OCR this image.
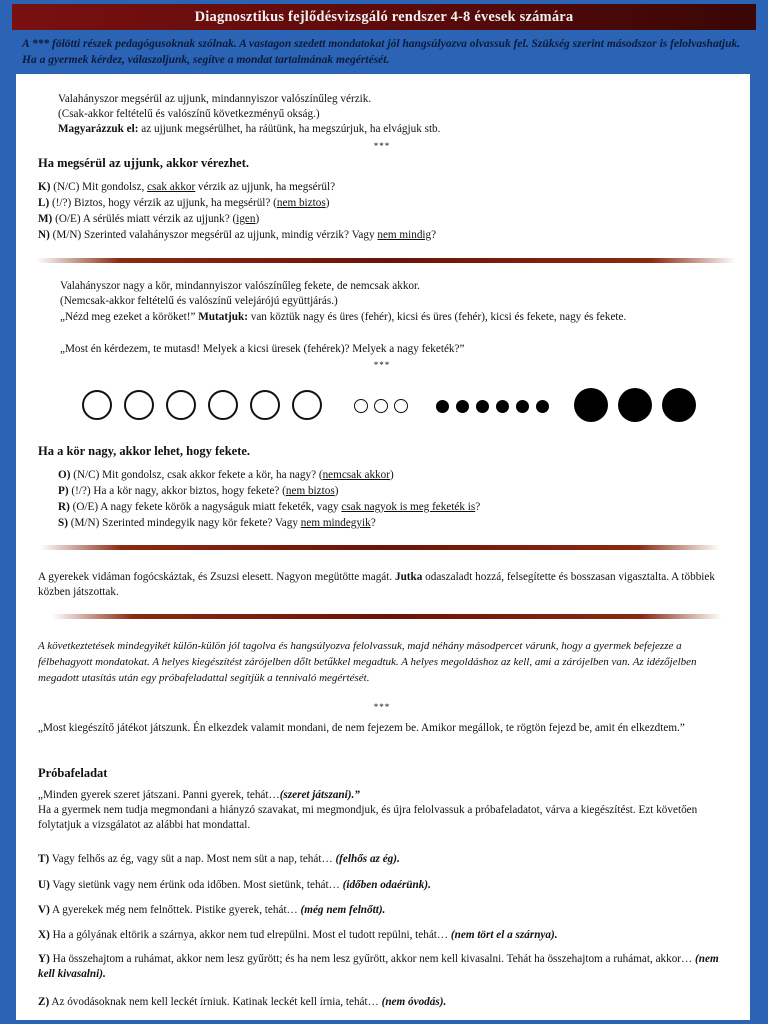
Diagnosztikus fejlődésvizsgáló rendszer 4-8 évesek számára
A *** fölötti részek pedagógusoknak szólnak. A vastagon szedett mondatokat jól hangsúlyozva olvassuk fel. Szükség szerint másodszor is felolvashatjuk. Ha a gyermek kérdez, válaszoljunk, segítve a mondat tartalmának megértését.
Valahányszor megsérül az ujjunk, mindannyiszor valószínűleg vérzik.
(Csak-akkor feltételű és valószínű következményű okság.)
Magyarázzuk el: az ujjunk megsérülhet, ha ráütünk, ha megszúrjuk, ha elvágjuk stb.
***
Ha megsérül az ujjunk, akkor vérezhet.
K) (N/C) Mit gondolsz, csak akkor vérzik az ujjunk, ha megsérül?
L) (!/?) Biztos, hogy vérzik az ujjunk, ha megsérül? (nem biztos)
M) (O/E) A sérülés miatt vérzik az ujjunk? (igen)
N) (M/N) Szerinted valahányszor megsérül az ujjunk, mindig vérzik? Vagy nem mindig?
Valahányszor nagy a kör, mindannyiszor valószínűleg fekete, de nemcsak akkor.
(Nemcsak-akkor feltételű és valószínű velejárójú együttjárás.)
„Nézd meg ezeket a köröket!” Mutatjuk: van köztük nagy és üres (fehér), kicsi és üres (fehér), kicsi és fekete, nagy és fekete.
„Most én kérdezem, te mutasd! Melyek a kicsi üresek (fehérek)? Melyek a nagy feketék?”
***
Ha a kör nagy, akkor lehet, hogy fekete.
O) (N/C) Mit gondolsz, csak akkor fekete a kör, ha nagy? (nemcsak akkor)
P) (!/?) Ha a kör nagy, akkor biztos, hogy fekete? (nem biztos)
R) (O/E) A nagy fekete körök a nagyságuk miatt feketék, vagy csak nagyok is meg feketék is?
S) (M/N) Szerinted mindegyik nagy kör fekete? Vagy nem mindegyik?
A gyerekek vidáman fogócskáztak, és Zsuzsi elesett. Nagyon megütötte magát. Jutka odaszaladt hozzá, felsegítette és bosszasan vigasztalta. A többiek közben játszottak.
A következtetések mindegyikét külön-külön jól tagolva és hangsúlyozva felolvassuk, majd néhány másodpercet várunk, hogy a gyermek befejezze a félbehagyott mondatokat. A helyes kiegészítést zárójelben dőlt betűkkel megadtuk. A helyes megoldáshoz az kell, ami a zárójelben van. Az idézőjelben megadott utasítás után egy próbafeladattal segítjük a tennivaló megértését.
***
„Most kiegészítő játékot játszunk. Én elkezdek valamit mondani, de nem fejezem be. Amikor megállok, te rögtön fejezd be, amit én elkezdtem.”
Próbafeladat
„Minden gyerek szeret játszani. Panni gyerek, tehát…(szeret játszani).”
Ha a gyermek nem tudja megmondani a hiányzó szavakat, mi megmondjuk, és újra felolvassuk a próbafeladatot, várva a kiegészítést. Ezt követően folytatjuk a vizsgálatot az alábbi hat mondattal.
T) Vagy felhős az ég, vagy süt a nap. Most nem süt a nap, tehát… (felhős az ég).
U) Vagy sietünk vagy nem érünk oda időben. Most sietünk, tehát… (időben odaérünk).
V) A gyerekek még nem felnőttek. Pistike gyerek, tehát… (még nem felnőtt).
X) Ha a gólyának eltörik a szárnya, akkor nem tud elrepülni. Most el tudott repülni, tehát… (nem tört el a szárnya).
Y) Ha összehajtom a ruhámat, akkor nem lesz gyűrött; és ha nem lesz gyűrött, akkor nem kell kivasalni. Tehát ha összehajtom a ruhámat, akkor… (nem kell kivasalni).
Z) Az óvodásoknak nem kell leckét írniuk. Katinak leckét kell írnia, tehát… (nem óvodás).
